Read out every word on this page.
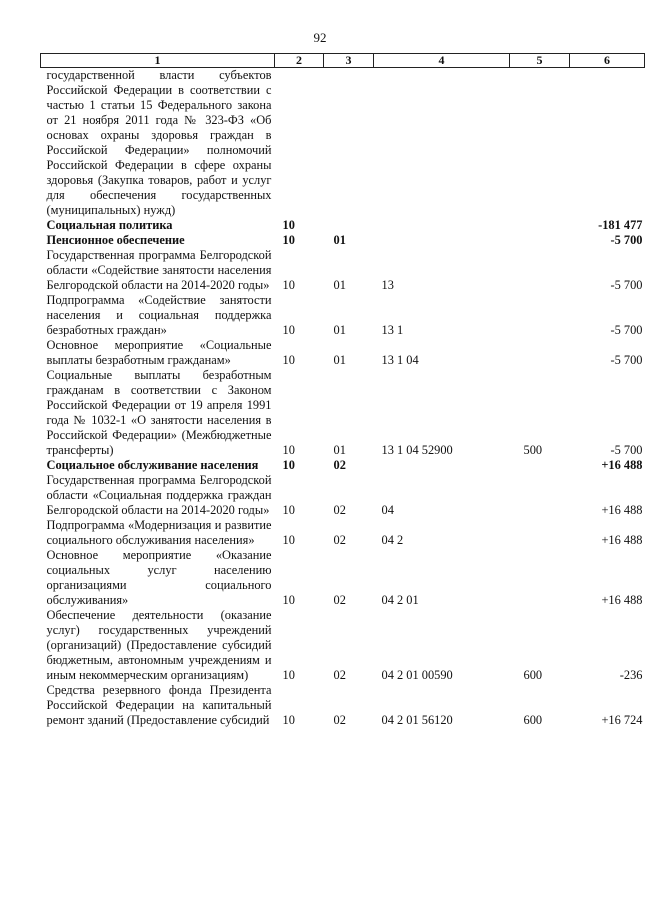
92
1	2	3	4	5	6
государственной власти субъектов Российской Федерации в соответствии с частью 1 статьи 15 Федерального закона от 21 ноября 2011 года № 323-ФЗ «Об основах охраны здоровья граждан в Российской Федерации» полномочий Российской Федерации в сфере охраны здоровья (Закупка товаров, работ и услуг для обеспечения государственных (муниципальных) нужд)					
Социальная политика	10				-181 477
Пенсионное обеспечение	10	01			-5 700
Государственная программа Белгородской области «Содействие занятости населения Белгородской области на 2014-2020 годы»	10	01	13		-5 700
Подпрограмма «Содействие занятости населения и социальная поддержка безработных граждан»	10	01	13 1		-5 700
Основное мероприятие «Социальные выплаты безработным гражданам»	10	01	13 1 04		-5 700
Социальные выплаты безработным гражданам в соответствии с Законом Российской Федерации от 19 апреля 1991 года № 1032-1 «О занятости населения в Российской Федерации» (Межбюджетные трансферты)	10	01	13 1 04 52900	500	-5 700
Социальное обслуживание населения	10	02			+16 488
Государственная программа Белгородской области «Социальная поддержка граждан Белгородской области на 2014-2020 годы»	10	02	04		+16 488
Подпрограмма «Модернизация и развитие социального обслуживания населения»	10	02	04 2		+16 488
Основное мероприятие «Оказание социальных услуг населению организациями социального обслуживания»	10	02	04 2 01		+16 488
Обеспечение деятельности (оказание услуг) государственных учреждений (организаций) (Предоставление субсидий бюджетным, автономным учреждениям и иным некоммерческим организациям)	10	02	04 2 01 00590	600	-236
Средства резервного фонда Президента Российской Федерации на капитальный ремонт зданий (Предоставление субсидий	10	02	04 2 01 56120	600	+16 724
